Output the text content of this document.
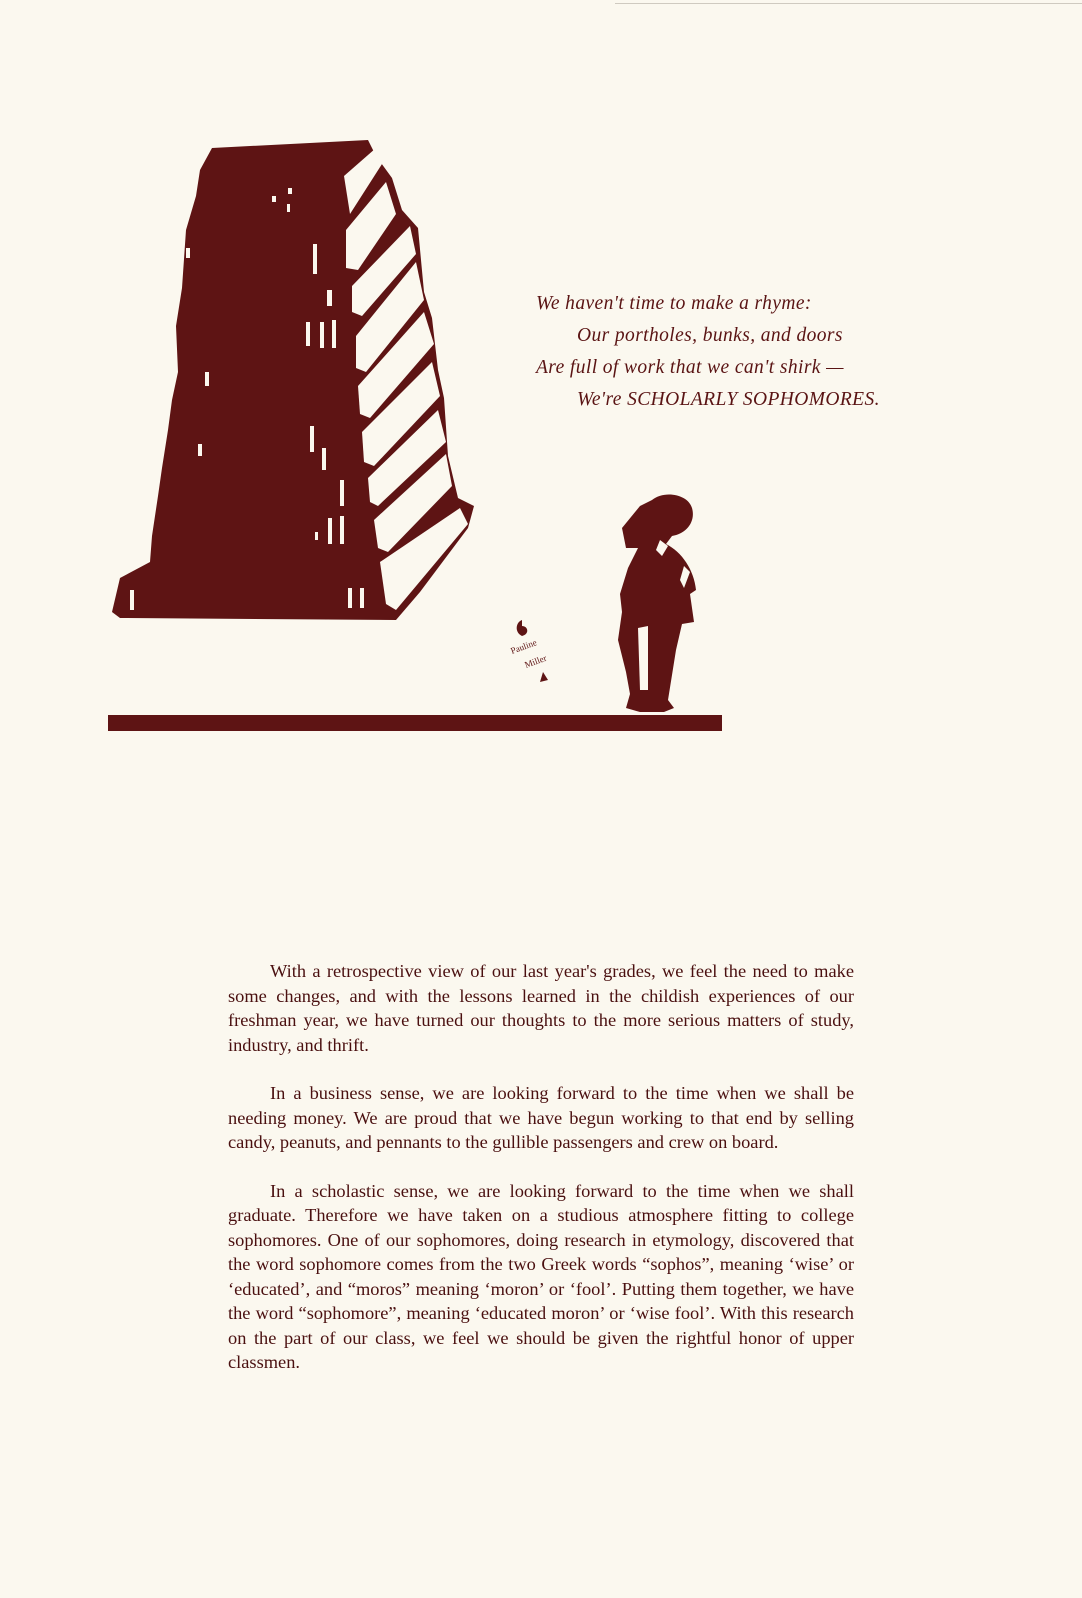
Pauline
Miller
We haven't time to make a rhyme:
Our portholes, bunks, and doors
Are full of work that we can't shirk —
We're SCHOLARLY SOPHOMORES.

With a retrospective view of our last year's grades, we feel the need to make some changes, and with the lessons learned in the childish experiences of our freshman year, we have turned our thoughts to the more serious matters of study, industry, and thrift.

In a business sense, we are looking forward to the time when we shall be needing money. We are proud that we have begun working to that end by selling candy, peanuts, and pennants to the gullible passengers and crew on board.

In a scholastic sense, we are looking forward to the time when we shall graduate. Therefore we have taken on a studious atmosphere fitting to college sophomores. One of our sophomores, doing research in etymology, discovered that the word sophomore comes from the two Greek words “sophos”, meaning ‘wise’ or ‘educated’, and “moros” meaning ‘moron’ or ‘fool’. Putting them together, we have the word “sophomore”, meaning ‘educated moron’ or ‘wise fool’. With this research on the part of our class, we feel we should be given the rightful honor of upper classmen.
